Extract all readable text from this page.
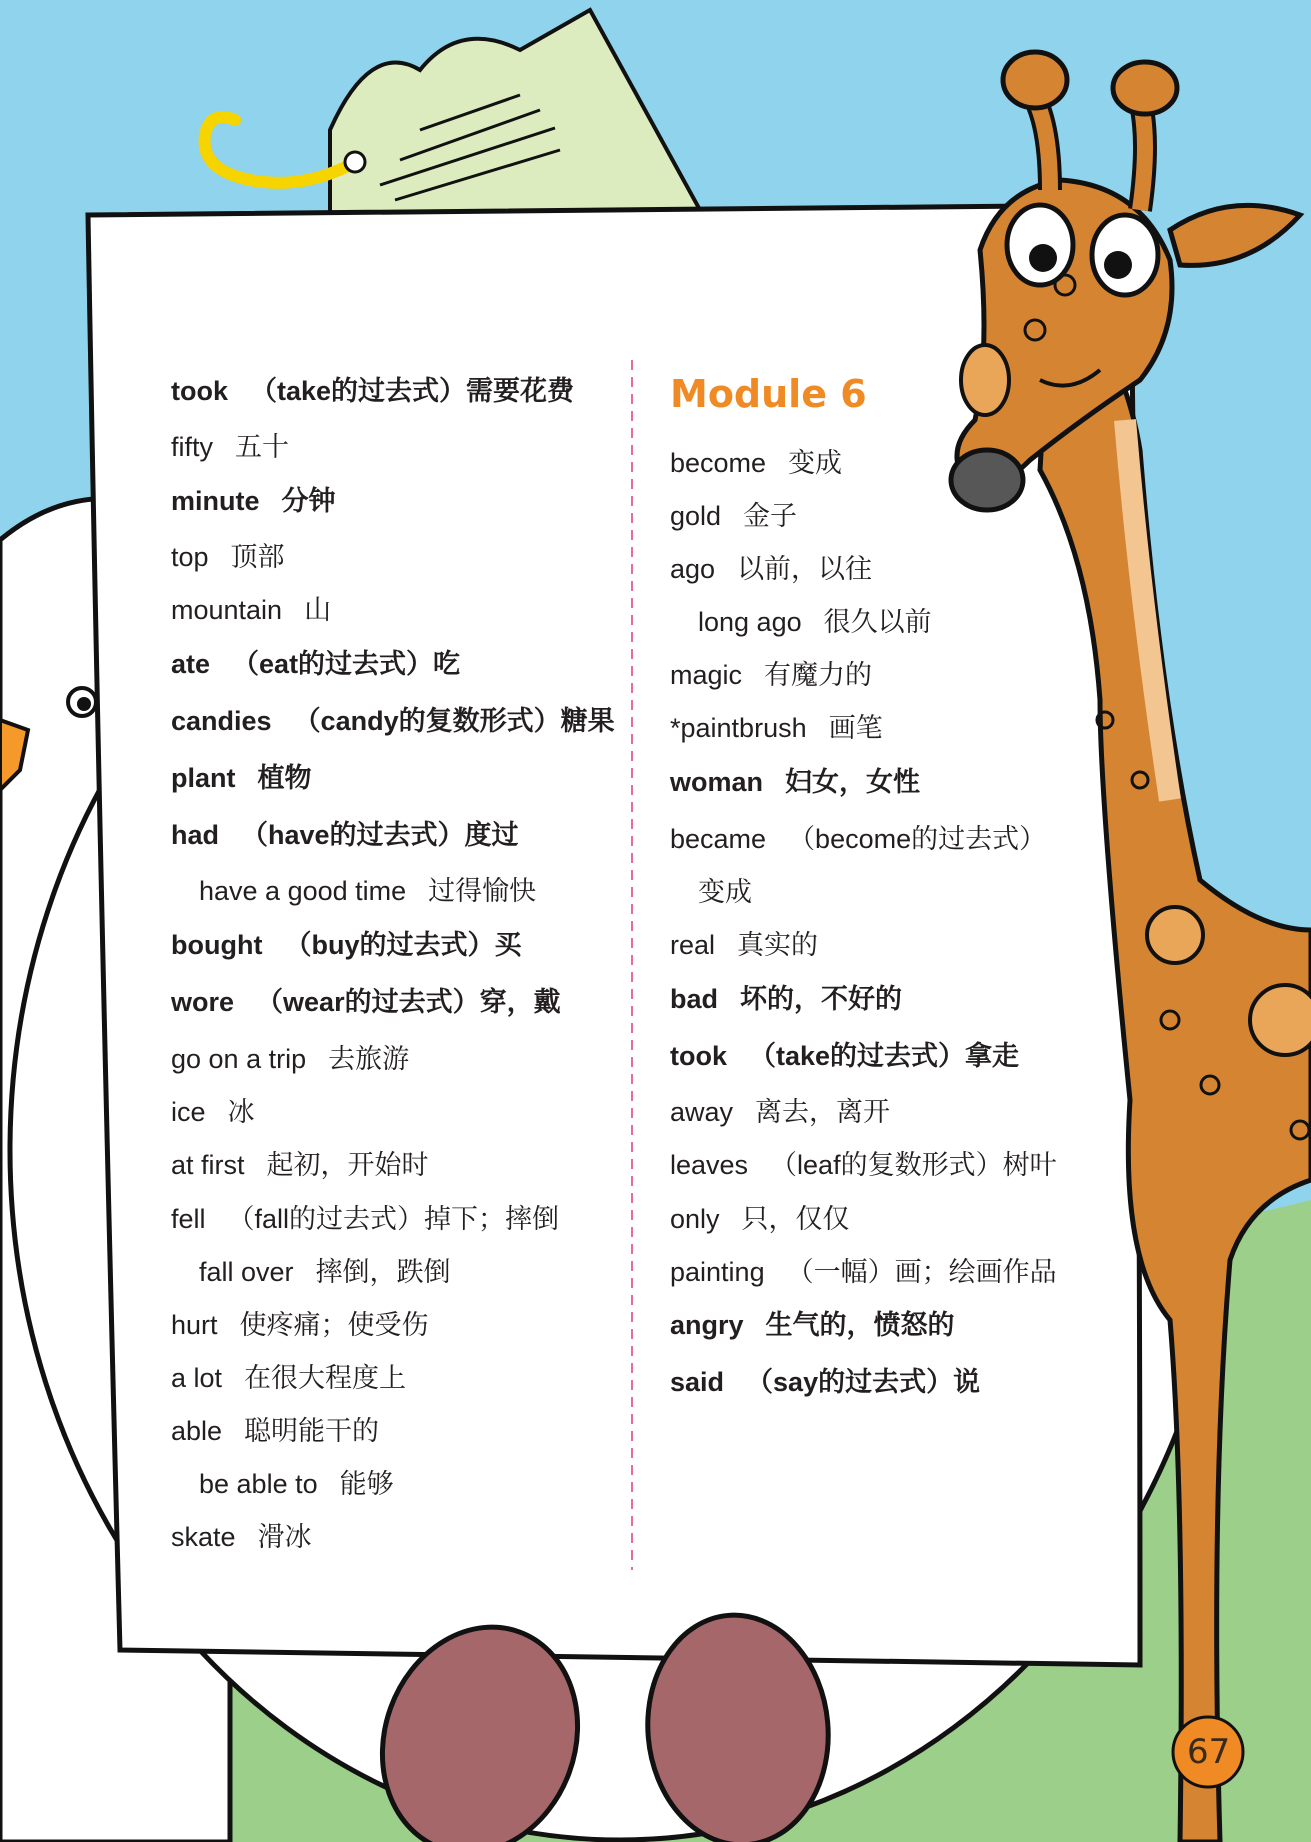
Module 6
took （take的过去式）需要花费
fifty 五十
minute 分钟
top 顶部
mountain 山
ate （eat的过去式）吃
candies （candy的复数形式）糖果
plant 植物
had （have的过去式）度过
have a good time 过得愉快
bought （buy的过去式）买
wore （wear的过去式）穿，戴
go on a trip 去旅游
ice 冰
at first 起初，开始时
fell （fall的过去式）掉下；摔倒
fall over 摔倒，跌倒
hurt 使疼痛；使受伤
a lot 在很大程度上
able 聪明能干的
be able to 能够
skate 滑冰
become 变成
gold 金子
ago 以前，以往
long ago 很久以前
magic 有魔力的
*paintbrush 画笔
woman 妇女，女性
became （become的过去式）
变成
real 真实的
bad 坏的，不好的
took （take的过去式）拿走
away 离去，离开
leaves （leaf的复数形式）树叶
only 只，仅仅
painting （一幅）画；绘画作品
angry 生气的，愤怒的
said （say的过去式）说
67
